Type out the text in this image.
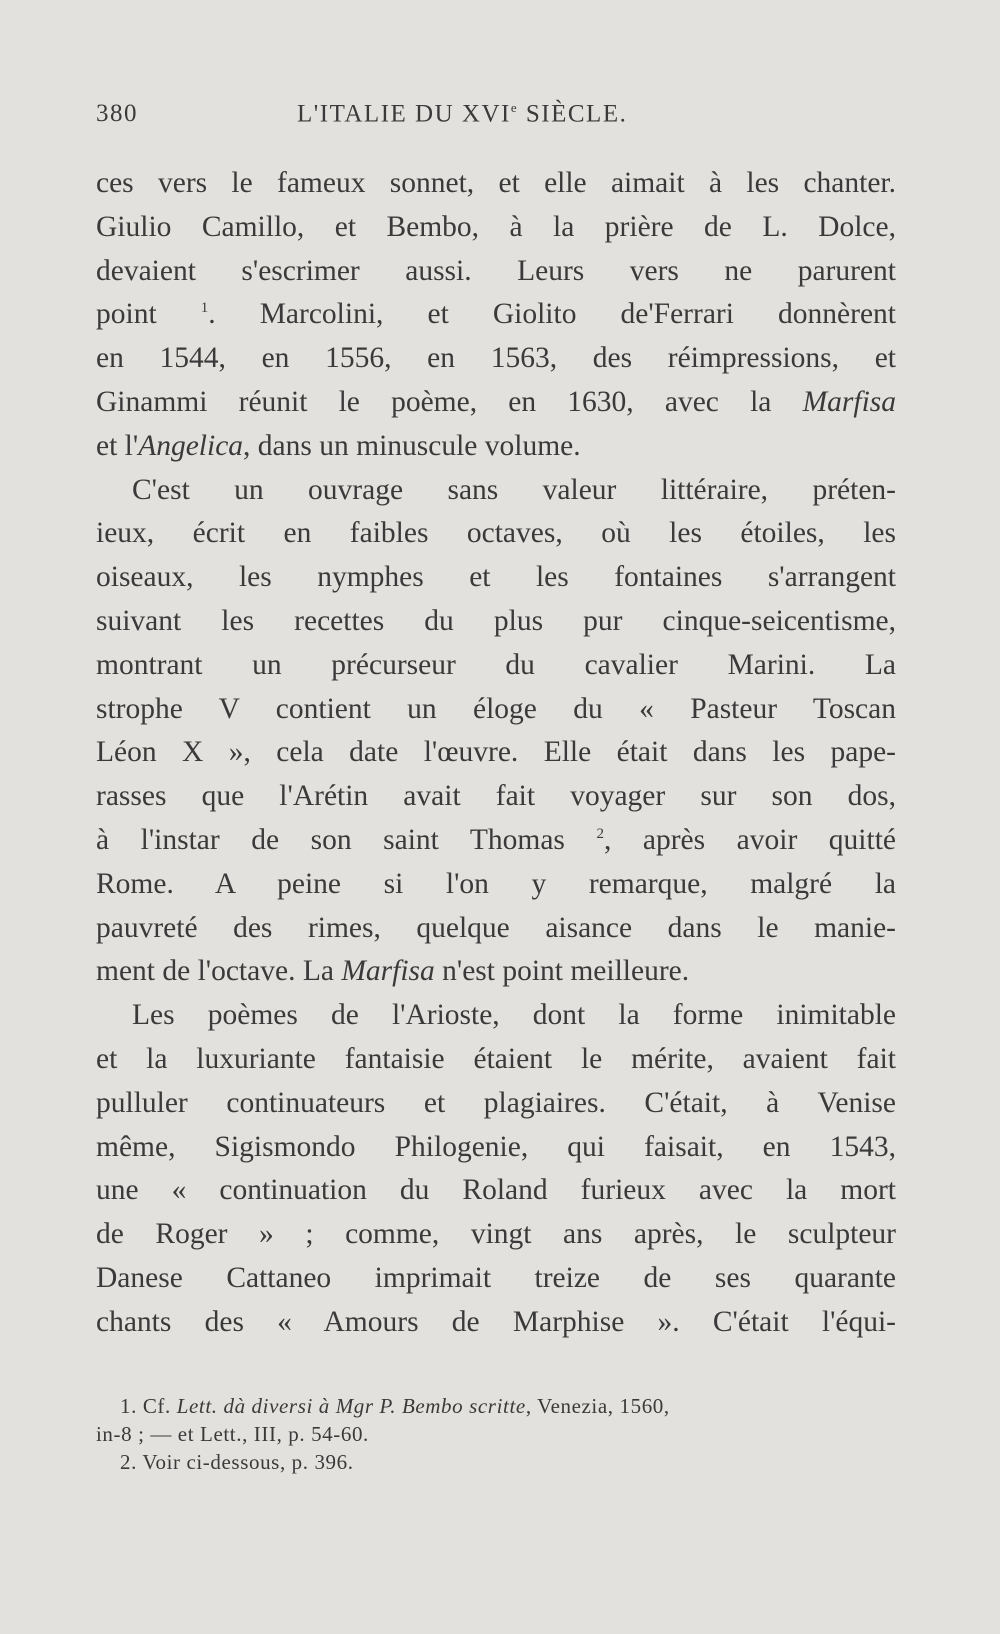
380	L'ITALIE DU XVIe SIÈCLE.
ces vers le fameux sonnet, et elle aimait à les chanter.
Giulio Camillo, et Bembo, à la prière de L. Dolce,
devaient s'escrimer aussi. Leurs vers ne parurent
point $^1$. Marcolini, et Giolito de'Ferrari donnèrent
en 1544, en 1556, en 1563, des réimpressions, et
Ginammi réunit le poème, en 1630, avec la Marfisa
et l'Angelica, dans un minuscule volume.
C'est un ouvrage sans valeur littéraire, préten-
ieux, écrit en faibles octaves, où les étoiles, les
oiseaux, les nymphes et les fontaines s'arrangent
suivant les recettes du plus pur cinque-seicentisme,
montrant un précurseur du cavalier Marini. La
strophe V contient un éloge du « Pasteur Toscan
Léon X », cela date l'œuvre. Elle était dans les pape-
rasses que l'Arétin avait fait voyager sur son dos,
à l'instar de son saint Thomas $^2$, après avoir quitté
Rome. A peine si l'on y remarque, malgré la
pauvreté des rimes, quelque aisance dans le manie-
ment de l'octave. La Marfisa n'est point meilleure.
Les poèmes de l'Arioste, dont la forme inimitable
et la luxuriante fantaisie étaient le mérite, avaient fait
pulluler continuateurs et plagiaires. C'était, à Venise
même, Sigismondo Philogenie, qui faisait, en 1543,
une « continuation du Roland furieux avec la mort
de Roger » ; comme, vingt ans après, le sculpteur
Danese Cattaneo imprimait treize de ses quarante
chants des « Amours de Marphise ». C'était l'équi-
1. Cf. Lett. dà diversi à Mgr P. Bembo scritte, Venezia, 1560,
in-8 ; — et Lett., III, p. 54-60.
2. Voir ci-dessous, p. 396.
